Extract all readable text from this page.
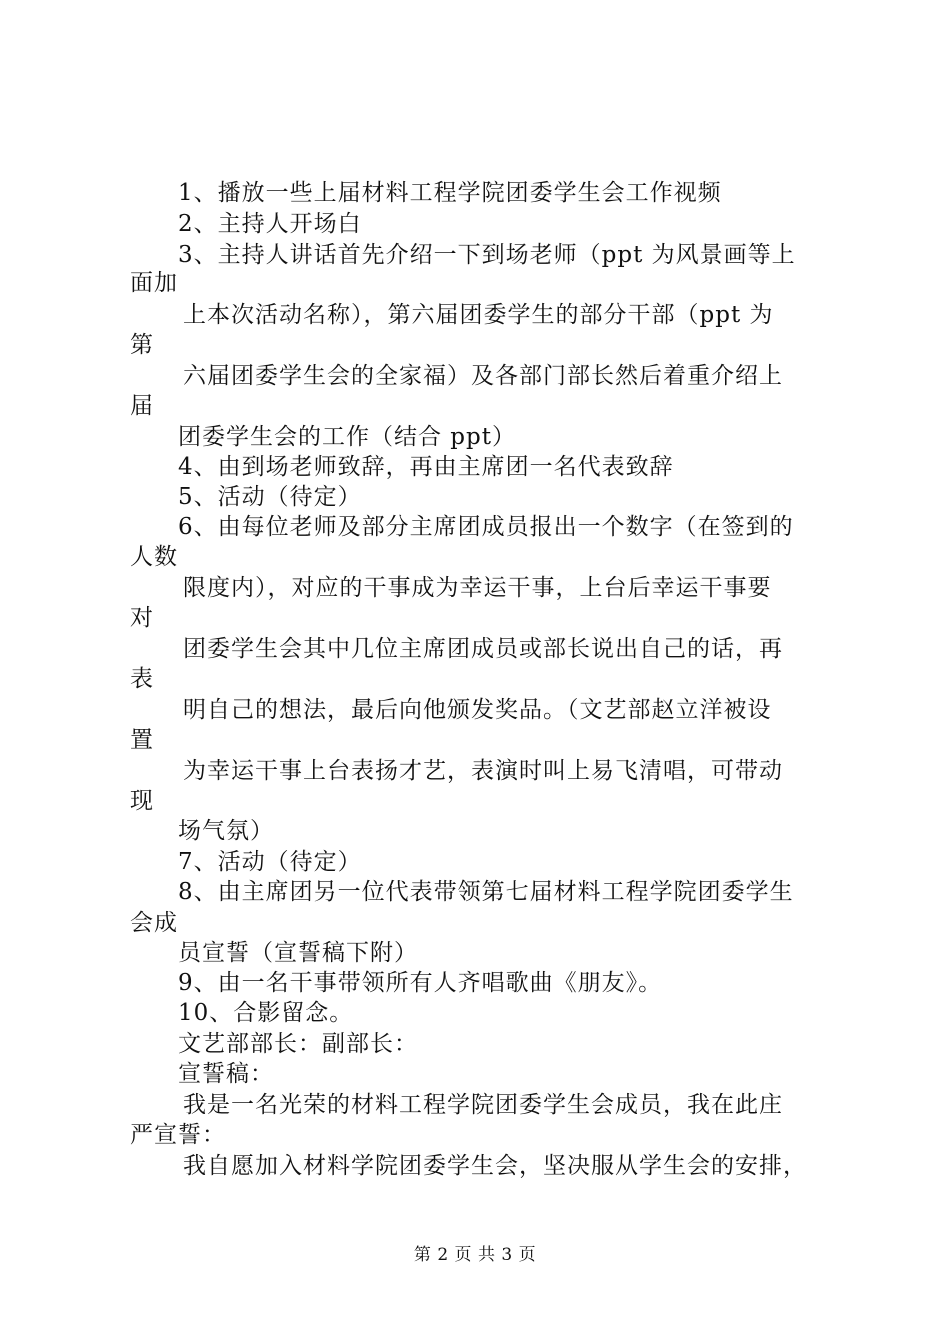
1、播放一些上届材料工程学院团委学生会工作视频
2、主持人开场白
3、主持人讲话首先介绍一下到场老师（ppt 为风景画等上
面加
上本次活动名称），第六届团委学生的部分干部（ppt 为
第
六届团委学生会的全家福）及各部门部长然后着重介绍上
届
团委学生会的工作（结合 ppt）
4、由到场老师致辞，再由主席团一名代表致辞
5、活动（待定）
6、由每位老师及部分主席团成员报出一个数字（在签到的
人数
限度内），对应的干事成为幸运干事，上台后幸运干事要
对
团委学生会其中几位主席团成员或部长说出自己的话，再
表
明自己的想法，最后向他颁发奖品。（文艺部赵立洋被设
置
为幸运干事上台表扬才艺，表演时叫上易飞清唱，可带动
现
场气氛）
7、活动（待定）
8、由主席团另一位代表带领第七届材料工程学院团委学生
会成
员宣誓（宣誓稿下附）
9、由一名干事带领所有人齐唱歌曲《朋友》。
10、合影留念。
文艺部部长：副部长：
宣誓稿：
我是一名光荣的材料工程学院团委学生会成员，我在此庄
严宣誓：
我自愿加入材料学院团委学生会，坚决服从学生会的安排，
第 2 页 共 3 页
